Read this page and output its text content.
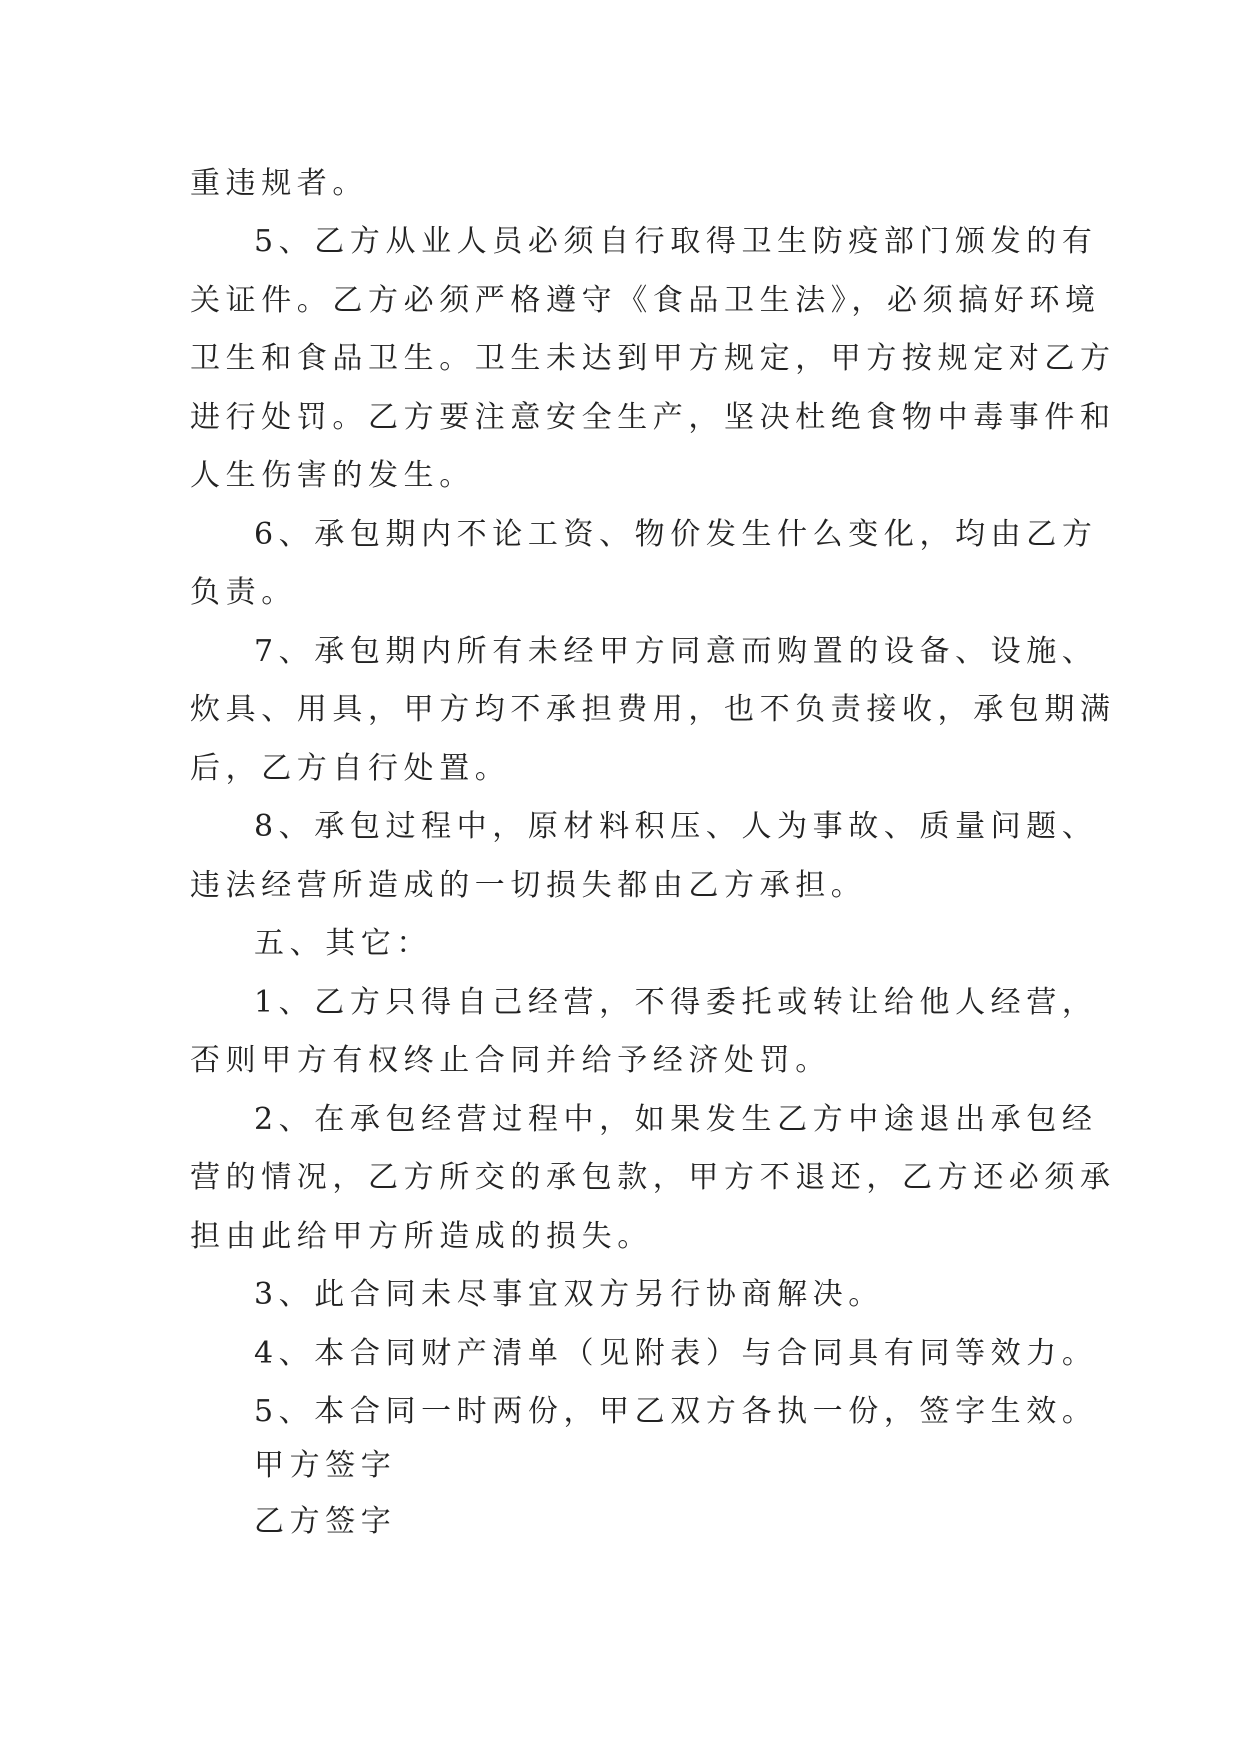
重违规者。
5、乙方从业人员必须自行取得卫生防疫部门颁发的有
关证件。乙方必须严格遵守《食品卫生法》，必须搞好环境
卫生和食品卫生。卫生未达到甲方规定，甲方按规定对乙方
进行处罚。乙方要注意安全生产，坚决杜绝食物中毒事件和
人生伤害的发生。
6、承包期内不论工资、物价发生什么变化，均由乙方
负责。
7、承包期内所有未经甲方同意而购置的设备、设施、
炊具、用具，甲方均不承担费用，也不负责接收，承包期满
后，乙方自行处置。
8、承包过程中，原材料积压、人为事故、质量问题、
违法经营所造成的一切损失都由乙方承担。
五、其它：
1、乙方只得自己经营，不得委托或转让给他人经营，
否则甲方有权终止合同并给予经济处罚。
2、在承包经营过程中，如果发生乙方中途退出承包经
营的情况，乙方所交的承包款，甲方不退还，乙方还必须承
担由此给甲方所造成的损失。
3、此合同未尽事宜双方另行协商解决。
4、本合同财产清单（见附表）与合同具有同等效力。
5、本合同一时两份，甲乙双方各执一份，签字生效。
甲方签字
乙方签字
